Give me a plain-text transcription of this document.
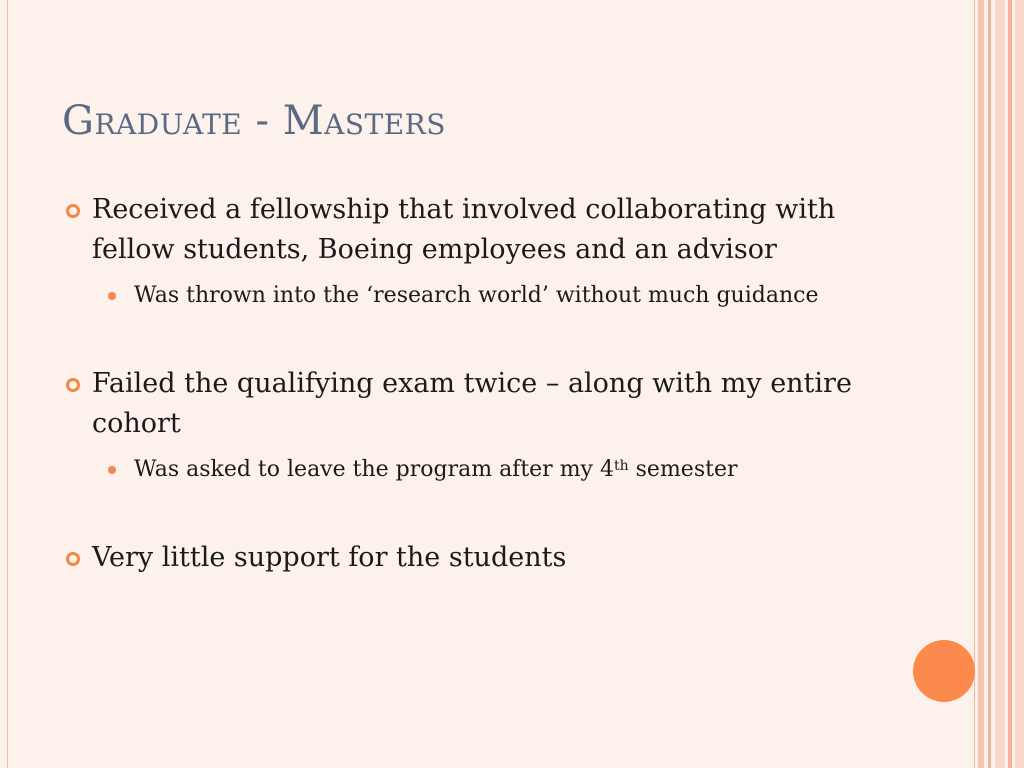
Graduate - Masters
Received a fellowship that involved collaborating with fellow students, Boeing employees and an advisor
Was thrown into the ‘research world’ without much guidance
Failed the qualifying exam twice – along with my entire cohort
Was asked to leave the program after my 4th semester
Very little support for the students
